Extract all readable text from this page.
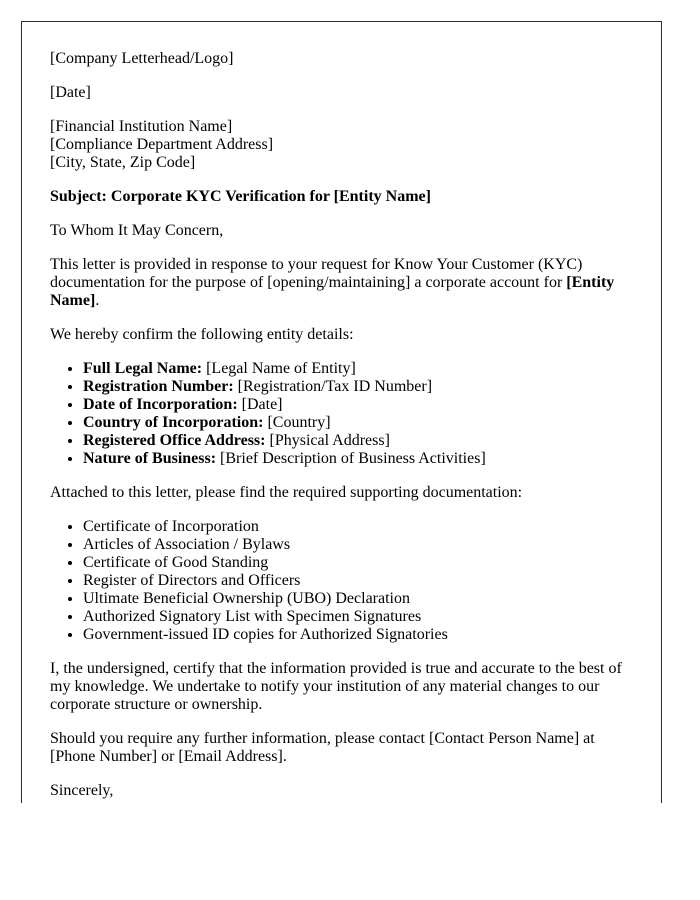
[Company Letterhead/Logo]

[Date]

[Financial Institution Name]
[Compliance Department Address]
[City, State, Zip Code]

Subject: Corporate KYC Verification for [Entity Name]

To Whom It May Concern,

This letter is provided in response to your request for Know Your Customer (KYC) documentation for the purpose of [opening/maintaining] a corporate account for [Entity Name].

We hereby confirm the following entity details:

• Full Legal Name: [Legal Name of Entity]
• Registration Number: [Registration/Tax ID Number]
• Date of Incorporation: [Date]
• Country of Incorporation: [Country]
• Registered Office Address: [Physical Address]
• Nature of Business: [Brief Description of Business Activities]

Attached to this letter, please find the required supporting documentation:

• Certificate of Incorporation
• Articles of Association / Bylaws
• Certificate of Good Standing
• Register of Directors and Officers
• Ultimate Beneficial Ownership (UBO) Declaration
• Authorized Signatory List with Specimen Signatures
• Government-issued ID copies for Authorized Signatories

I, the undersigned, certify that the information provided is true and accurate to the best of my knowledge. We undertake to notify your institution of any material changes to our corporate structure or ownership.

Should you require any further information, please contact [Contact Person Name] at [Phone Number] or [Email Address].

Sincerely,
